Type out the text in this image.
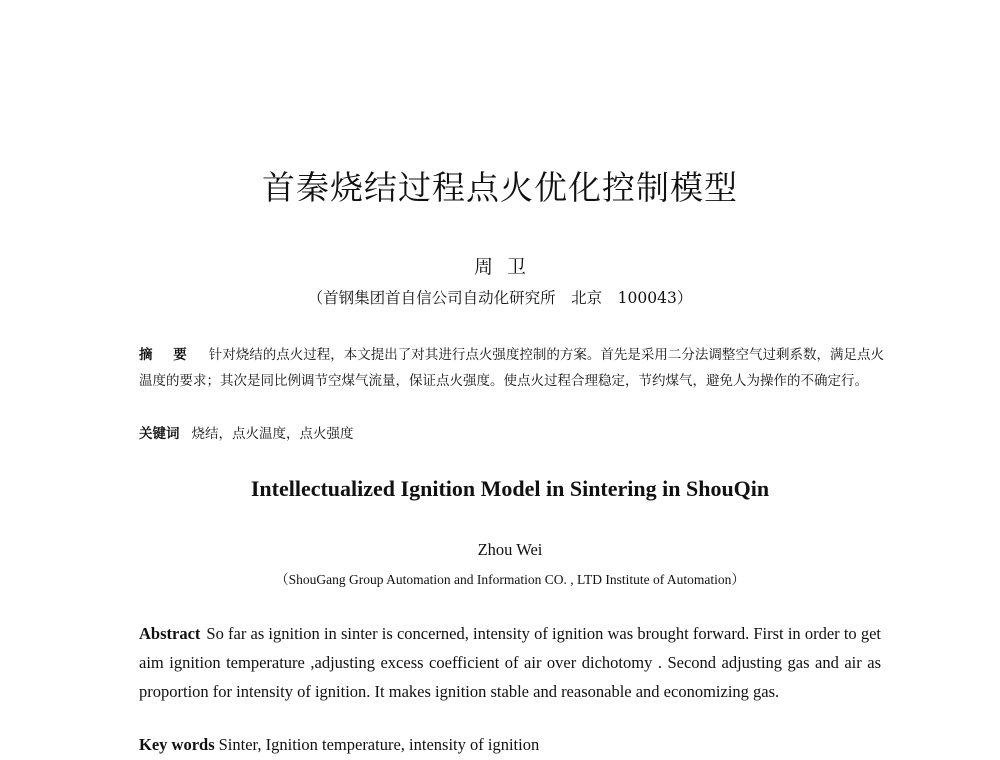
首秦烧结过程点火优化控制模型
周 卫
（首钢集团首自信公司自动化研究所　北京　100043）
摘 要 针对烧结的点火过程，本文提出了对其进行点火强度控制的方案。首先是采用二分法调整空气过剩系数，满足点火温度的要求；其次是同比例调节空煤气流量，保证点火强度。使点火过程合理稳定，节约煤气，避免人为操作的不确定行。
关键词 烧结，点火温度，点火强度
Intellectualized Ignition Model in Sintering in ShouQin
Zhou Wei
（ShouGang Group Automation and Information CO. , LTD Institute of Automation）
Abstract So far as ignition in sinter is concerned, intensity of ignition was brought forward. First in order to get aim ignition temperature ,adjusting excess coefficient of air over dichotomy . Second adjusting gas and air as proportion for intensity of ignition. It makes ignition stable and reasonable and economizing gas.
Key words Sinter, Ignition temperature, intensity of ignition
